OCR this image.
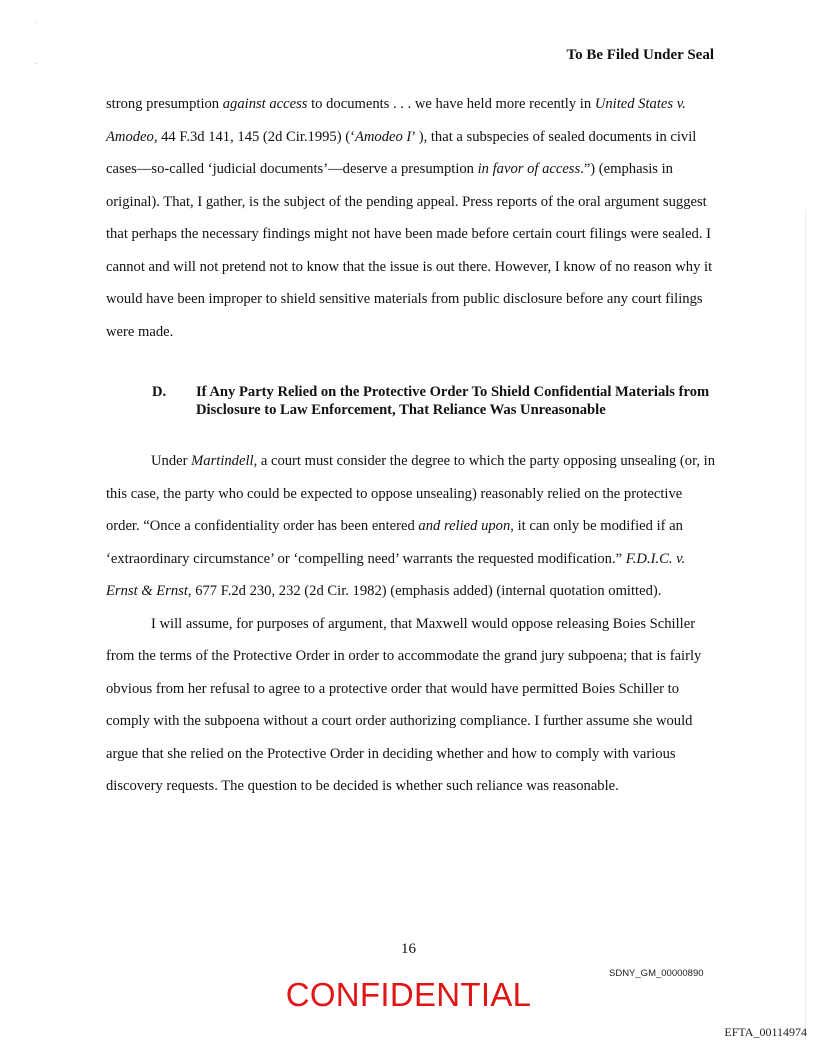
To Be Filed Under Seal

strong presumption against access to documents . . . we have held more recently in United States v. Amodeo, 44 F.3d 141, 145 (2d Cir.1995) (‘Amodeo I’ ), that a subspecies of sealed documents in civil cases—so-called ‘judicial documents’—deserve a presumption in favor of access.”) (emphasis in original). That, I gather, is the subject of the pending appeal. Press reports of the oral argument suggest that perhaps the necessary findings might not have been made before certain court filings were sealed. I cannot and will not pretend not to know that the issue is out there. However, I know of no reason why it would have been improper to shield sensitive materials from public disclosure before any court filings were made.

D. If Any Party Relied on the Protective Order To Shield Confidential Materials from Disclosure to Law Enforcement, That Reliance Was Unreasonable

Under Martindell, a court must consider the degree to which the party opposing unsealing (or, in this case, the party who could be expected to oppose unsealing) reasonably relied on the protective order. “Once a confidentiality order has been entered and relied upon, it can only be modified if an ‘extraordinary circumstance’ or ‘compelling need’ warrants the requested modification.” F.D.I.C. v. Ernst & Ernst, 677 F.2d 230, 232 (2d Cir. 1982) (emphasis added) (internal quotation omitted).

I will assume, for purposes of argument, that Maxwell would oppose releasing Boies Schiller from the terms of the Protective Order in order to accommodate the grand jury subpoena; that is fairly obvious from her refusal to agree to a protective order that would have permitted Boies Schiller to comply with the subpoena without a court order authorizing compliance. I further assume she would argue that she relied on the Protective Order in deciding whether and how to comply with various discovery requests. The question to be decided is whether such reliance was reasonable.

16
SDNY_GM_00000890
CONFIDENTIAL
EFTA_00114974
